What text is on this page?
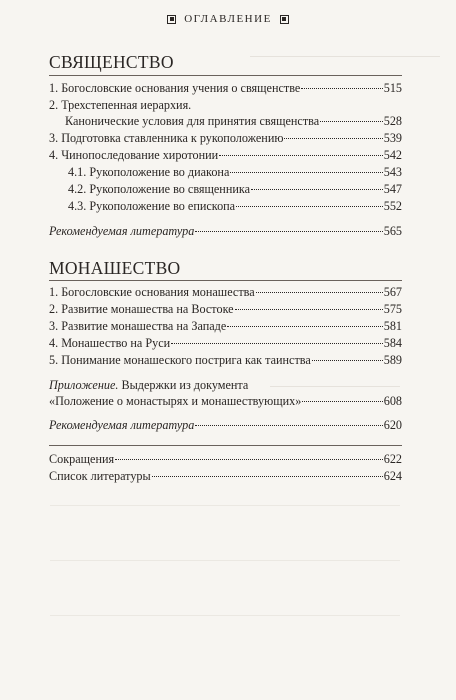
ОГЛАВЛЕНИЕ
СВЯЩЕНСТВО
1. Богословские основания учения о священстве	515
2. Трехстепенная иерархия.
Канонические условия для принятия священства	528
3. Подготовка ставленника к рукоположению	539
4. Чинопоследование хиротонии	542
4.1. Рукоположение во диакона	543
4.2. Рукоположение во священника	547
4.3. Рукоположение во епископа	552
Рекомендуемая литература	565
МОНАШЕСТВО
1. Богословские основания монашества	567
2. Развитие монашества на Востоке	575
3. Развитие монашества на Западе	581
4. Монашество на Руси	584
5. Понимание монашеского пострига как таинства	589
Приложение. Выдержки из документа
«Положение о монастырях и монашествующих»	608
Рекомендуемая литература	620
Сокращения	622
Список литературы	624
